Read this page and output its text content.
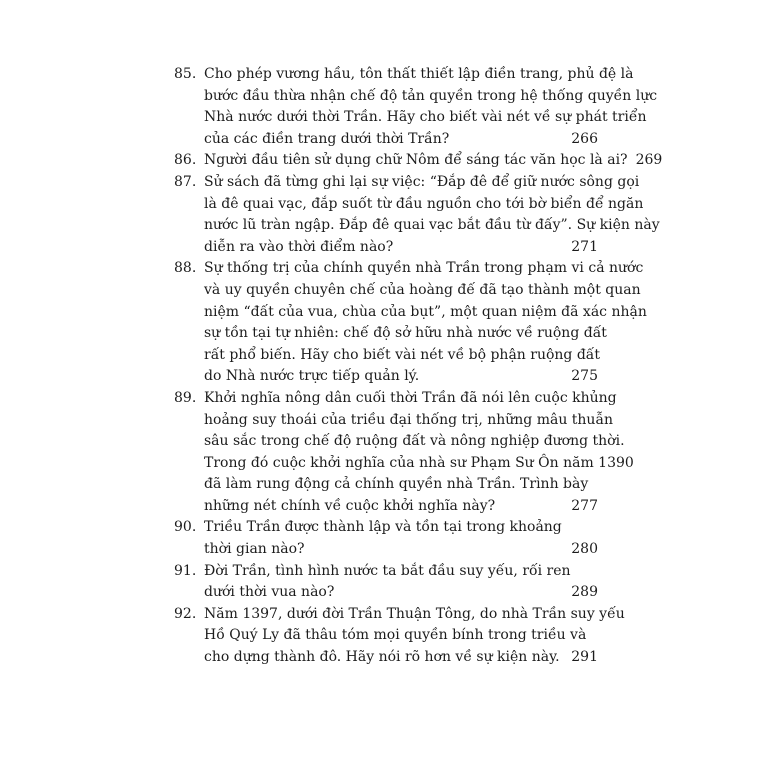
85. Cho phép vương hầu, tôn thất thiết lập điền trang, phủ đệ là
bước đầu thừa nhận chế độ tản quyền trong hệ thống quyền lực
Nhà nước dưới thời Trần. Hãy cho biết vài nét về sự phát triển
của các điền trang dưới thời Trần?	266
86. Người đầu tiên sử dụng chữ Nôm để sáng tác văn học là ai? 269
87. Sử sách đã từng ghi lại sự việc: “Đắp đê để giữ nước sông gọi
là đê quai vạc, đắp suốt từ đầu nguồn cho tới bờ biển để ngăn
nước lũ tràn ngập. Đắp đê quai vạc bắt đầu từ đấy”. Sự kiện này
diễn ra vào thời điểm nào?	271
88. Sự thống trị của chính quyền nhà Trần trong phạm vi cả nước
và uy quyền chuyên chế của hoàng đế đã tạo thành một quan
niệm “đất của vua, chùa của bụt”, một quan niệm đã xác nhận
sự tồn tại tự nhiên: chế độ sở hữu nhà nước về ruộng đất
rất phổ biến. Hãy cho biết vài nét về bộ phận ruộng đất
do Nhà nước trực tiếp quản lý.	275
89. Khởi nghĩa nông dân cuối thời Trần đã nói lên cuộc khủng
hoảng suy thoái của triều đại thống trị, những mâu thuẫn
sâu sắc trong chế độ ruộng đất và nông nghiệp đương thời.
Trong đó cuộc khởi nghĩa của nhà sư Phạm Sư Ôn năm 1390
đã làm rung động cả chính quyền nhà Trần. Trình bày
những nét chính về cuộc khởi nghĩa này?	277
90. Triều Trần được thành lập và tồn tại trong khoảng
thời gian nào?	280
91. Đời Trần, tình hình nước ta bắt đầu suy yếu, rối ren
dưới thời vua nào?	289
92. Năm 1397, dưới đời Trần Thuận Tông, do nhà Trần suy yếu
Hồ Quý Ly đã thâu tóm mọi quyền bính trong triều và
cho dựng thành đô. Hãy nói rõ hơn về sự kiện này. 291
